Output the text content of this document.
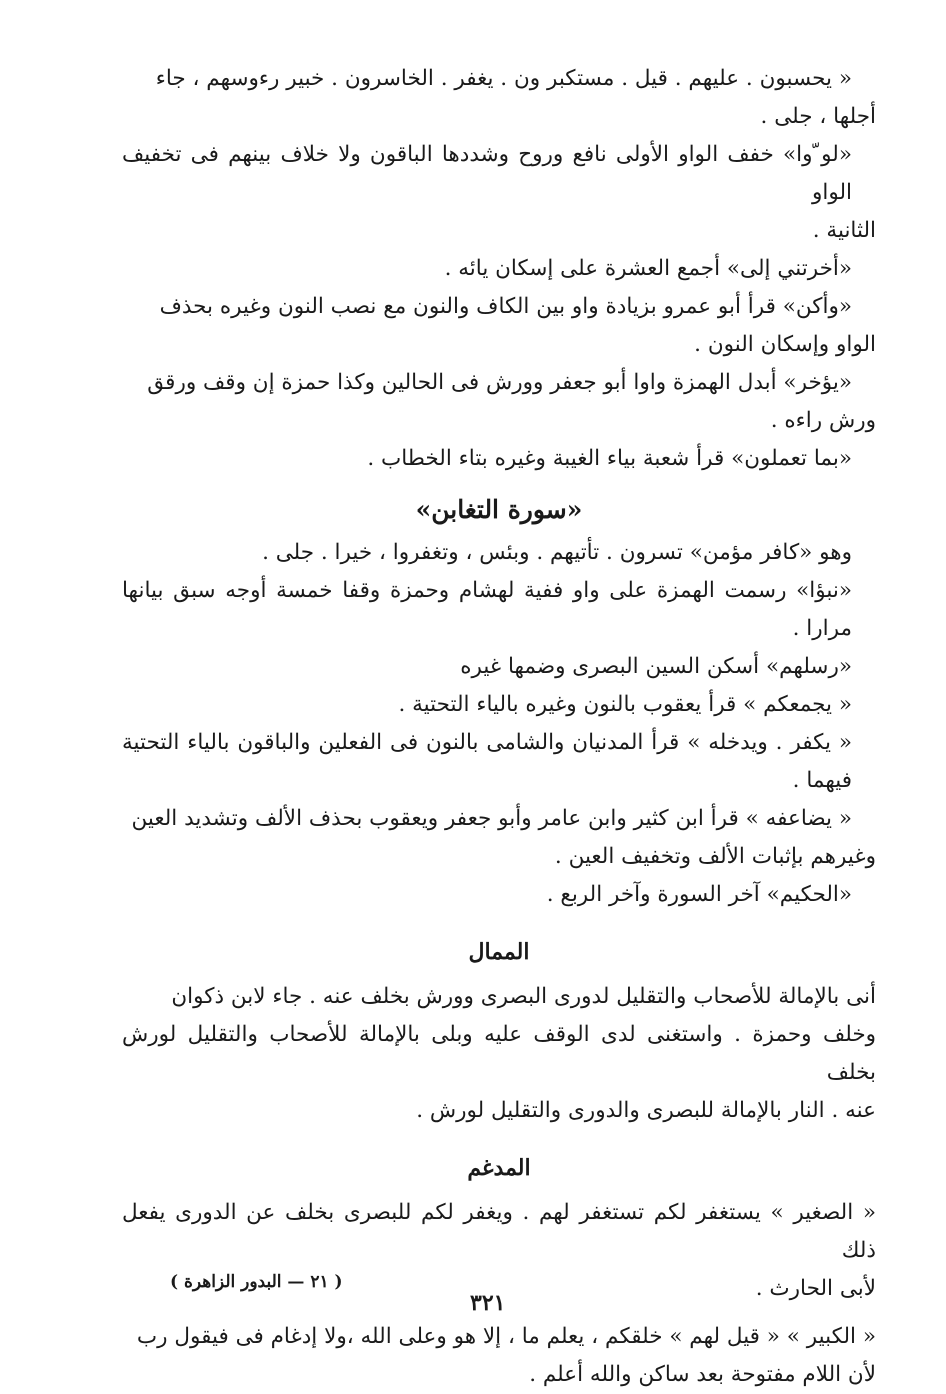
« يحسبون . عليهم . قيل . مستكبر ون . يغفر . الخاسرون . خبير رءوسهم ، جاء
أجلها ، جلى .
«لو ّوا» خفف الواو الأولى نافع وروح وشددها الباقون ولا خلاف بينهم فى تخفيف الواو
الثانية .
«أخرتني إلى» أجمع العشرة على إسكان يائه .
«وأكن» قرأ أبو عمرو بزيادة واو بين الكاف والنون مع نصب النون وغيره بحذف
الواو وإسكان النون .
«يؤخر» أبدل الهمزة واوا أبو جعفر وورش فى الحالين وكذا حمزة إن وقف ورقق
ورش راءه .
«بما تعملون» قرأ شعبة بياء الغيبة وغيره بتاء الخطاب .
«سورة التغابن»
وهو «كافر مؤمن» تسرون . تأتيهم . وبئس ، وتغفروا ، خيرا . جلى .
«نبؤا» رسمت الهمزة على واو ففية لهشام وحمزة وقفا خمسة أوجه سبق بيانها مرارا .
«رسلهم» أسكن السين البصرى وضمها غيره
« يجمعكم » قرأ يعقوب بالنون وغيره بالياء التحتية .
« يكفر . ويدخله » قرأ المدنيان والشامى بالنون فى الفعلين والباقون بالياء التحتية فيهما .
« يضاعفه » قرأ ابن كثير وابن عامر وأبو جعفر ويعقوب بحذف الألف وتشديد العين
وغيرهم بإثبات الألف وتخفيف العين .
«الحكيم» آخر السورة وآخر الربع .
الممال
أنى بالإمالة للأصحاب والتقليل لدورى البصرى وورش بخلف عنه . جاء لابن ذكوان
وخلف وحمزة . واستغنى لدى الوقف عليه وبلى بالإمالة للأصحاب والتقليل لورش بخلف
عنه . النار بالإمالة للبصرى والدورى والتقليل لورش .
المدغم
« الصغير » يستغفر لكم تستغفر لهم . ويغفر لكم للبصرى بخلف عن الدورى يفعل ذلك
لأبى الحارث .
« الكبير » « قيل لهم » خلقكم ، يعلم ما ، إلا هو وعلى الله ،ولا إدغام فى فيقول رب
لأن اللام مفتوحة بعد ساكن والله أعلم .
( ٢١ — البدور الزاهرة )
٣٢١
